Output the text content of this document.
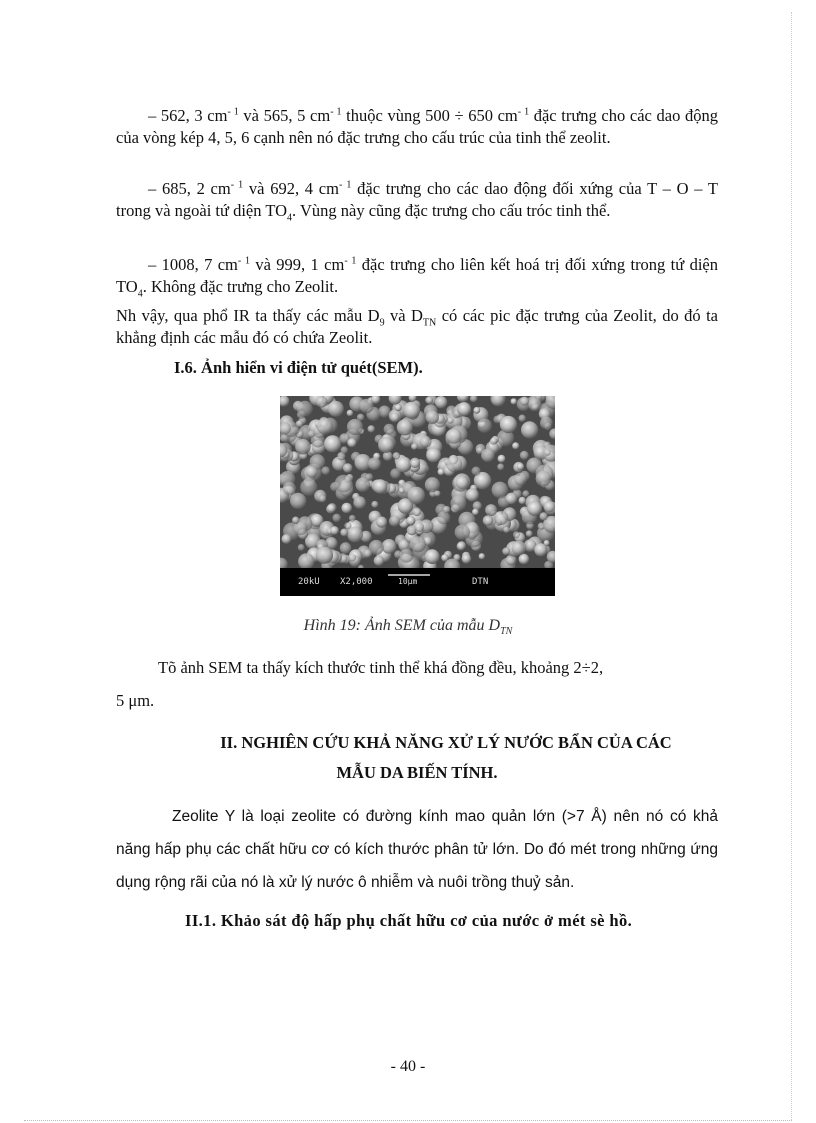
– 562, 3 $cm^{- 1}$ và 565, 5 $cm^{- 1}$ thuộc vùng 500 ÷ 650 $cm^{- 1}$ đặc trưng cho các dao động của vòng kép 4, 5, 6 cạnh nên nó đặc trưng cho cấu trúc của tinh thể zeolit.

– 685, 2 $cm^{- 1}$ và 692, 4 $cm^{- 1}$ đặc trưng cho các dao động đối xứng của T – O – T trong và ngoài tứ diện $TO_4$. Vùng này cũng đặc trưng cho cấu tróc tinh thể.

– 1008, 7 $cm^{- 1}$ và 999, 1 $cm^{- 1}$ đặc trưng cho liên kết hoá trị đối xứng trong tứ diện $TO_4$. Không đặc trưng cho Zeolit.

Nh vậy, qua phổ IR ta thấy các mẫu $D_9$ và $D_{TN}$ có các pic đặc trưng của Zeolit, do đó ta khẳng định các mẫu đó có chứa Zeolit.

I.6. Ảnh hiển vi điện tử quét(SEM).
20kU X2,000	10μm	DTN
Hình 19: Ảnh SEM của mẫu $D_{TN}$

Tõ ảnh SEM ta thấy kích thước tinh thể khá đồng đều, khoảng 2÷2,

5 μm.

II. NGHIÊN CỨU KHẢ NĂNG XỬ LÝ NƯỚC BẨN CỦA CÁC
MẪU DA BIẾN TÍNH.

Zeolite Y là loại zeolite có đường kính mao quản lớn (>7 Å) nên nó có khả năng hấp phụ các chất hữu cơ có kích thước phân tử lớn. Do đó mét trong những ứng dụng rộng rãi của nó là xử lý nước ô nhiễm và nuôi trồng thuỷ sản.

II.1. Khảo sát độ hấp phụ chất hữu cơ của nước ở mét sè hồ.
- 40 -
